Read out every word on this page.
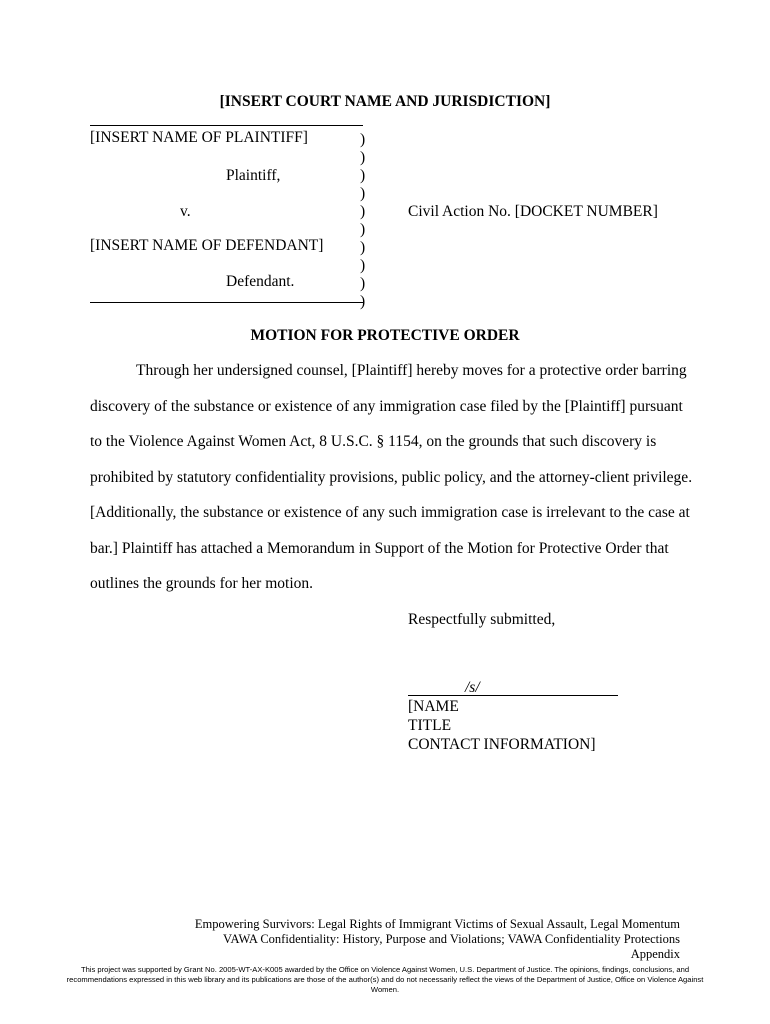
[INSERT COURT NAME AND JURISDICTION]
[INSERT NAME OF PLAINTIFF]
Plaintiff,
v.
[INSERT NAME OF DEFENDANT]
Defendant.
)
)
)
)
)
)
)
)
)
)
Civil Action No. [DOCKET NUMBER]
MOTION FOR PROTECTIVE ORDER
Through her undersigned counsel, [Plaintiff] hereby moves for a protective order barring
discovery of the substance or existence of any immigration case filed by the [Plaintiff] pursuant
to the Violence Against Women Act, 8 U.S.C. § 1154, on the grounds that such discovery is
prohibited by statutory confidentiality provisions, public policy, and the attorney-client privilege.
[Additionally, the substance or existence of any such immigration case is irrelevant to the case at
bar.] Plaintiff has attached a Memorandum in Support of the Motion for Protective Order that
outlines the grounds for her motion.
Respectfully submitted,
/s/
[NAME
TITLE
CONTACT INFORMATION]
Empowering Survivors: Legal Rights of Immigrant Victims of Sexual Assault, Legal Momentum
VAWA Confidentiality: History, Purpose and Violations; VAWA Confidentiality Protections
Appendix
This project was supported by Grant No. 2005-WT-AX-K005 awarded by the Office on Violence Against Women, U.S. Department of Justice. The opinions, findings, conclusions, and
recommendations expressed in this web library and its publications are those of the author(s) and do not necessarily reflect the views of the Department of Justice, Office on Violence Against
Women.
